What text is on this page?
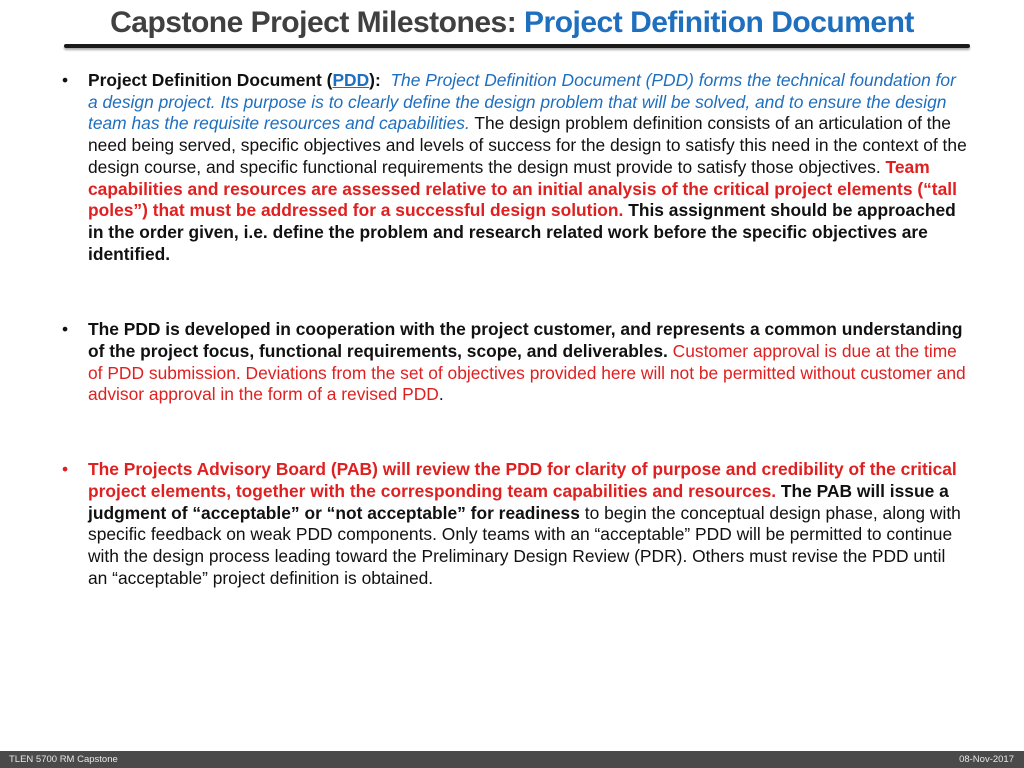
Capstone Project Milestones: Project Definition Document
• Project Definition Document (PDD): The Project Definition Document (PDD) forms the technical foundation for a design project. Its purpose is to clearly define the design problem that will be solved, and to ensure the design team has the requisite resources and capabilities. The design problem definition consists of an articulation of the need being served, specific objectives and levels of success for the design to satisfy this need in the context of the design course, and specific functional requirements the design must provide to satisfy those objectives. Team capabilities and resources are assessed relative to an initial analysis of the critical project elements (“tall poles”) that must be addressed for a successful design solution. This assignment should be approached in the order given, i.e. define the problem and research related work before the specific objectives are identified.
• The PDD is developed in cooperation with the project customer, and represents a common understanding of the project focus, functional requirements, scope, and deliverables. Customer approval is due at the time of PDD submission. Deviations from the set of objectives provided here will not be permitted without customer and advisor approval in the form of a revised PDD.
• The Projects Advisory Board (PAB) will review the PDD for clarity of purpose and credibility of the critical project elements, together with the corresponding team capabilities and resources. The PAB will issue a judgment of “acceptable” or “not acceptable” for readiness to begin the conceptual design phase, along with specific feedback on weak PDD components. Only teams with an “acceptable” PDD will be permitted to continue with the design process leading toward the Preliminary Design Review (PDR). Others must revise the PDD until an “acceptable” project definition is obtained.
TLEN 5700 RM Capstone	08-Nov-2017
